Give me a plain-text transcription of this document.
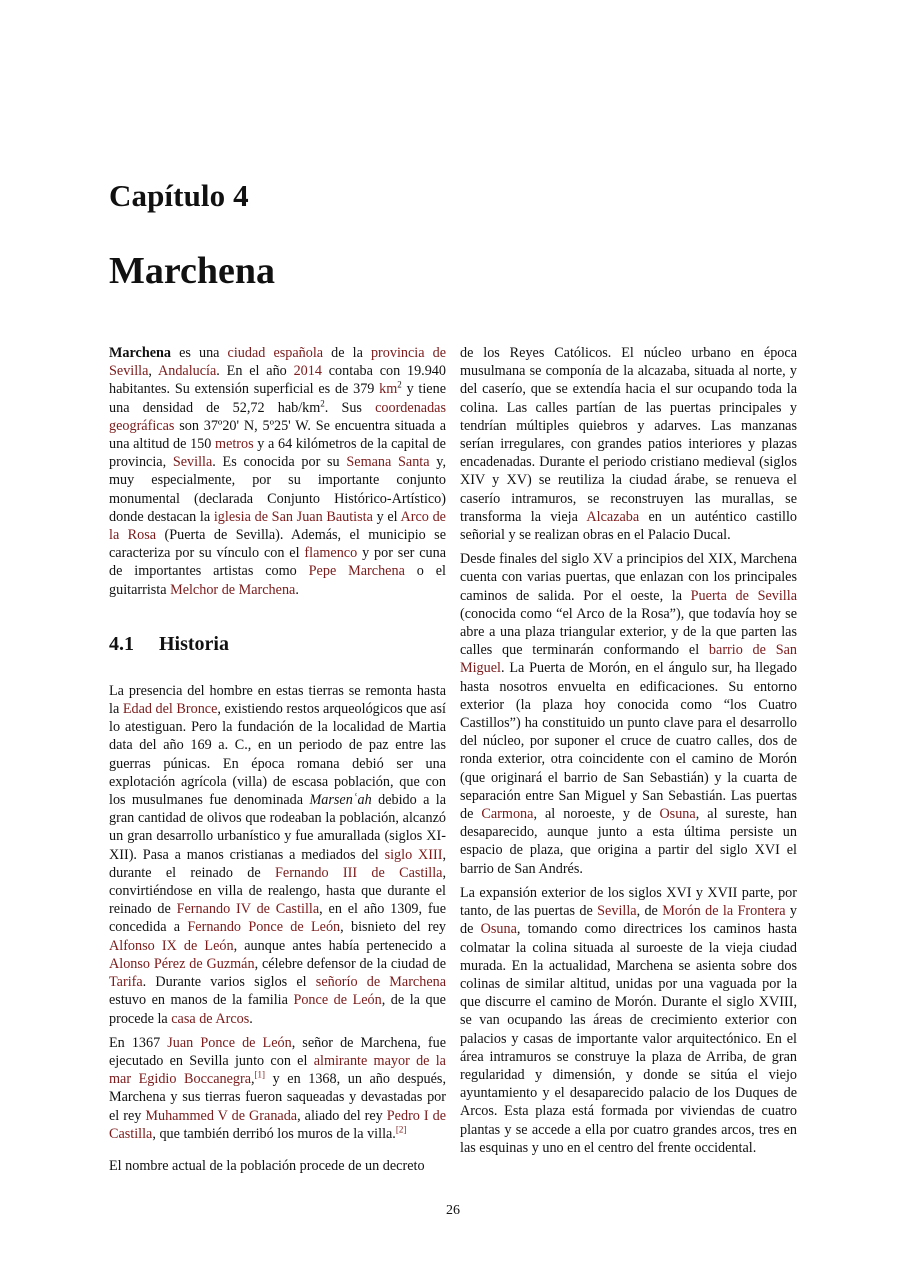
Capítulo 4
Marchena

Marchena es una ciudad española de la provincia de Sevilla, Andalucía. En el año 2014 contaba con 19.940 habitantes. Su extensión superficial es de 379 $km^2$ y tiene una densidad de 52,72 hab/$km^2$. Sus coordenadas geográficas son 37º20' N, 5º25' W. Se encuentra situada a una altitud de 150 metros y a 64 kilómetros de la capital de provincia, Sevilla. Es conocida por su Semana Santa y, muy especialmente, por su importante conjunto monumental (declarada Conjunto Histórico-Artístico) donde destacan la iglesia de San Juan Bautista y el Arco de la Rosa (Puerta de Sevilla). Además, el municipio se caracteriza por su vínculo con el flamenco y por ser cuna de importantes artistas como Pepe Marchena o el guitarrista Melchor de Marchena.

4.1 Historia

La presencia del hombre en estas tierras se remonta hasta la Edad del Bronce, existiendo restos arqueológicos que así lo atestiguan. Pero la fundación de la localidad de Martia data del año 169 a. C., en un periodo de paz entre las guerras púnicas. En época romana debió ser una explotación agrícola (villa) de escasa población, que con los musulmanes fue denominada Marsenʿah debido a la gran cantidad de olivos que rodeaban la población, alcanzó un gran desarrollo urbanístico y fue amurallada (siglos XI-XII). Pasa a manos cristianas a mediados del siglo XIII, durante el reinado de Fernando III de Castilla, convirtiéndose en villa de realengo, hasta que durante el reinado de Fernando IV de Castilla, en el año 1309, fue concedida a Fernando Ponce de León, bisnieto del rey Alfonso IX de León, aunque antes había pertenecido a Alonso Pérez de Guzmán, célebre defensor de la ciudad de Tarifa. Durante varios siglos el señorío de Marchena estuvo en manos de la familia Ponce de León, de la que procede la casa de Arcos.

En 1367 Juan Ponce de León, señor de Marchena, fue ejecutado en Sevilla junto con el almirante mayor de la mar Egidio Boccanegra,[1] y en 1368, un año después, Marchena y sus tierras fueron saqueadas y devastadas por el rey Muhammed V de Granada, aliado del rey Pedro I de Castilla, que también derribó los muros de la villa.[2]

El nombre actual de la población procede de un decreto

de los Reyes Católicos. El núcleo urbano en época musulmana se componía de la alcazaba, situada al norte, y del caserío, que se extendía hacia el sur ocupando toda la colina. Las calles partían de las puertas principales y tendrían múltiples quiebros y adarves. Las manzanas serían irregulares, con grandes patios interiores y plazas encadenadas. Durante el periodo cristiano medieval (siglos XIV y XV) se reutiliza la ciudad árabe, se renueva el caserío intramuros, se reconstruyen las murallas, se transforma la vieja Alcazaba en un auténtico castillo señorial y se realizan obras en el Palacio Ducal.

Desde finales del siglo XV a principios del XIX, Marchena cuenta con varias puertas, que enlazan con los principales caminos de salida. Por el oeste, la Puerta de Sevilla (conocida como “el Arco de la Rosa”), que todavía hoy se abre a una plaza triangular exterior, y de la que parten las calles que terminarán conformando el barrio de San Miguel. La Puerta de Morón, en el ángulo sur, ha llegado hasta nosotros envuelta en edificaciones. Su entorno exterior (la plaza hoy conocida como “los Cuatro Castillos”) ha constituido un punto clave para el desarrollo del núcleo, por suponer el cruce de cuatro calles, dos de ronda exterior, otra coincidente con el camino de Morón (que originará el barrio de San Sebastián) y la cuarta de separación entre San Miguel y San Sebastián. Las puertas de Carmona, al noroeste, y de Osuna, al sureste, han desaparecido, aunque junto a esta última persiste un espacio de plaza, que origina a partir del siglo XVI el barrio de San Andrés.

La expansión exterior de los siglos XVI y XVII parte, por tanto, de las puertas de Sevilla, de Morón de la Frontera y de Osuna, tomando como directrices los caminos hasta colmatar la colina situada al suroeste de la vieja ciudad murada. En la actualidad, Marchena se asienta sobre dos colinas de similar altitud, unidas por una vaguada por la que discurre el camino de Morón. Durante el siglo XVIII, se van ocupando las áreas de crecimiento exterior con palacios y casas de importante valor arquitectónico. En el área intramuros se construye la plaza de Arriba, de gran regularidad y dimensión, y donde se sitúa el viejo ayuntamiento y el desaparecido palacio de los Duques de Arcos. Esta plaza está formada por viviendas de cuatro plantas y se accede a ella por cuatro grandes arcos, tres en las esquinas y uno en el centro del frente occidental.

26
